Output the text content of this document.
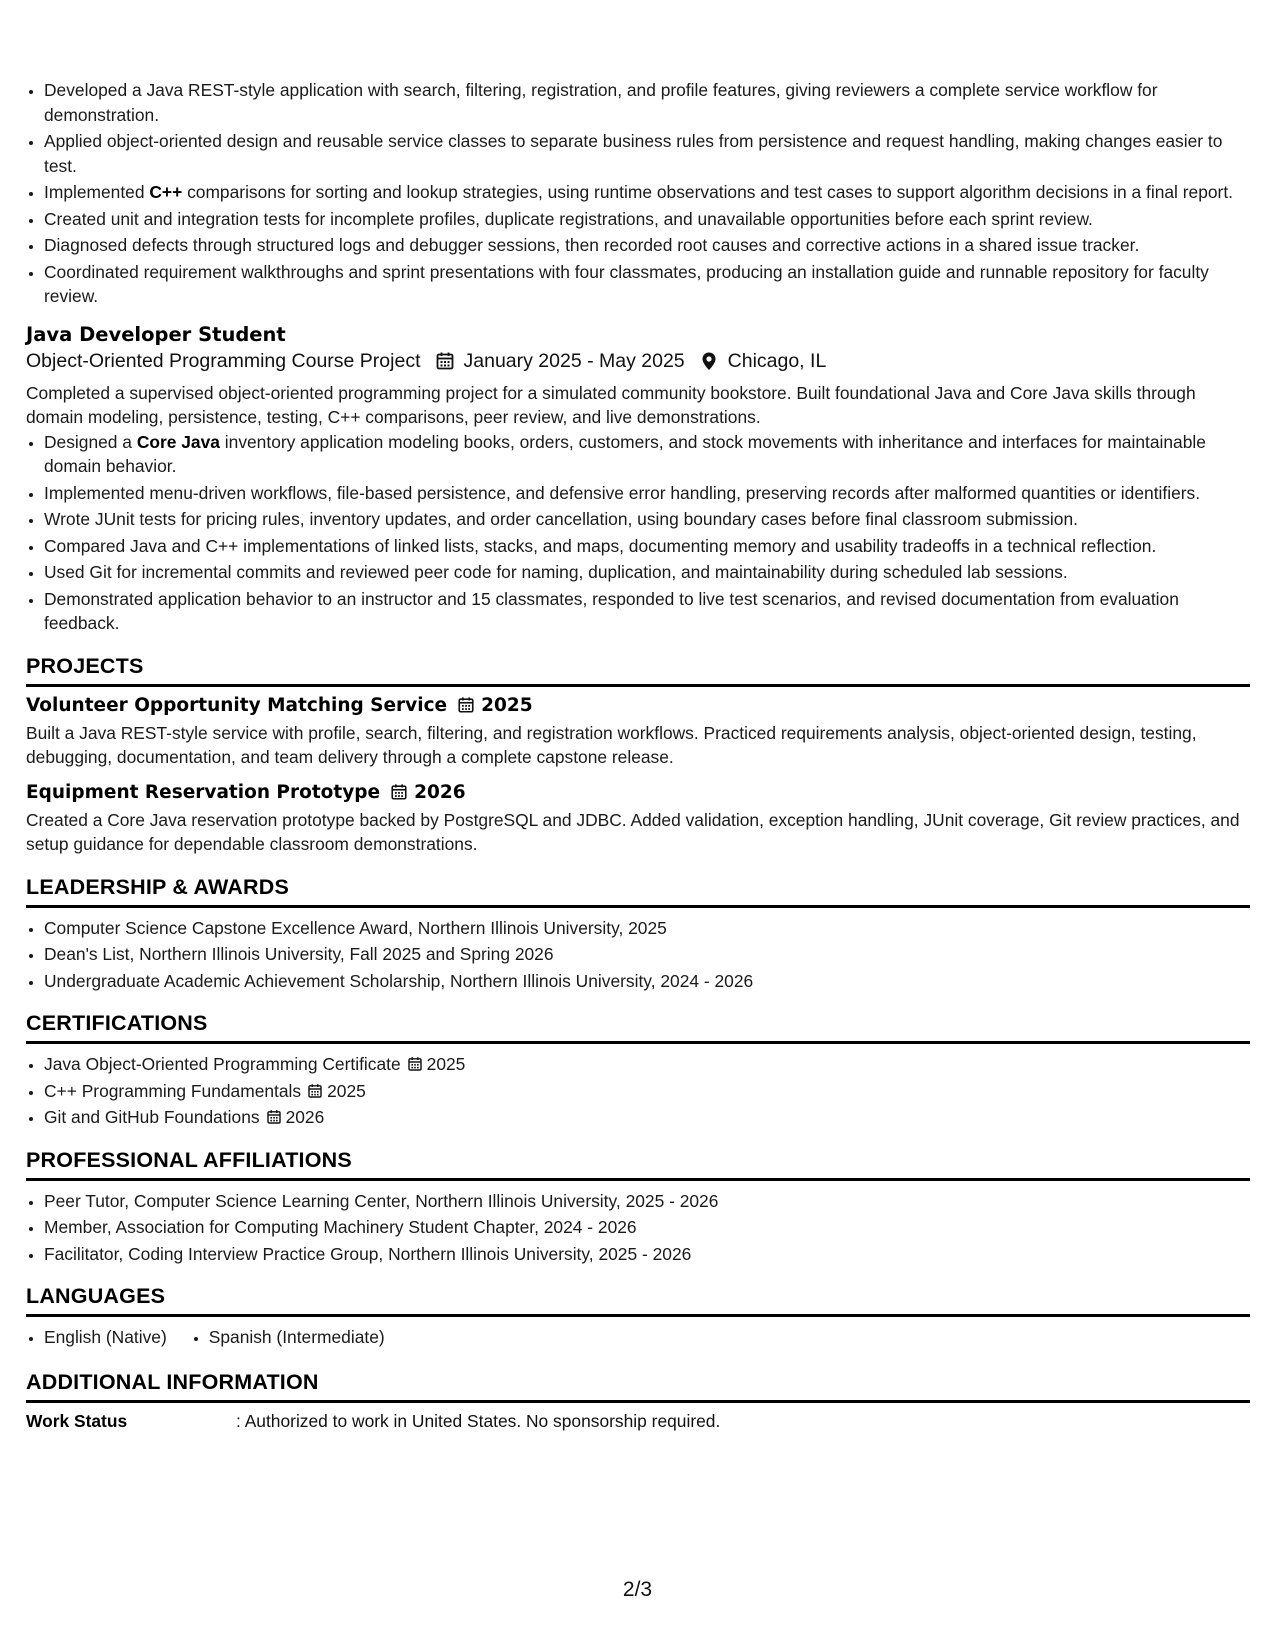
• Developed a Java REST-style application with search, filtering, registration, and profile features, giving reviewers a complete service workflow for demonstration.
• Applied object-oriented design and reusable service classes to separate business rules from persistence and request handling, making changes easier to test.
• Implemented C++ comparisons for sorting and lookup strategies, using runtime observations and test cases to support algorithm decisions in a final report.
• Created unit and integration tests for incomplete profiles, duplicate registrations, and unavailable opportunities before each sprint review.
• Diagnosed defects through structured logs and debugger sessions, then recorded root causes and corrective actions in a shared issue tracker.
• Coordinated requirement walkthroughs and sprint presentations with four classmates, producing an installation guide and runnable repository for faculty review.
Java Developer Student
Object-Oriented Programming Course Project January 2025 - May 2025 Chicago, IL

Completed a supervised object-oriented programming project for a simulated community bookstore. Built foundational Java and Core Java skills through domain modeling, persistence, testing, C++ comparisons, peer review, and live demonstrations.

• Designed a Core Java inventory application modeling books, orders, customers, and stock movements with inheritance and interfaces for maintainable domain behavior.
• Implemented menu-driven workflows, file-based persistence, and defensive error handling, preserving records after malformed quantities or identifiers.
• Wrote JUnit tests for pricing rules, inventory updates, and order cancellation, using boundary cases before final classroom submission.
• Compared Java and C++ implementations of linked lists, stacks, and maps, documenting memory and usability tradeoffs in a technical reflection.
• Used Git for incremental commits and reviewed peer code for naming, duplication, and maintainability during scheduled lab sessions.
• Demonstrated application behavior to an instructor and 15 classmates, responded to live test scenarios, and revised documentation from evaluation feedback.
PROJECTS
Volunteer Opportunity Matching Service 2025

Built a Java REST-style service with profile, search, filtering, and registration workflows. Practiced requirements analysis, object-oriented design, testing, debugging, documentation, and team delivery through a complete capstone release.

Equipment Reservation Prototype 2026

Created a Core Java reservation prototype backed by PostgreSQL and JDBC. Added validation, exception handling, JUnit coverage, Git review practices, and setup guidance for dependable classroom demonstrations.

LEADERSHIP & AWARDS
• Computer Science Capstone Excellence Award, Northern Illinois University, 2025
• Dean's List, Northern Illinois University, Fall 2025 and Spring 2026
• Undergraduate Academic Achievement Scholarship, Northern Illinois University, 2024 - 2026
CERTIFICATIONS
• Java Object-Oriented Programming Certificate 2025
• C++ Programming Fundamentals 2025
• Git and GitHub Foundations 2026
PROFESSIONAL AFFILIATIONS
• Peer Tutor, Computer Science Learning Center, Northern Illinois University, 2025 - 2026
• Member, Association for Computing Machinery Student Chapter, 2024 - 2026
• Facilitator, Coding Interview Practice Group, Northern Illinois University, 2025 - 2026
LANGUAGES
• English (Native)
• Spanish (Intermediate)
ADDITIONAL INFORMATION
Work Status	: Authorized to work in United States. No sponsorship required.
2/3
